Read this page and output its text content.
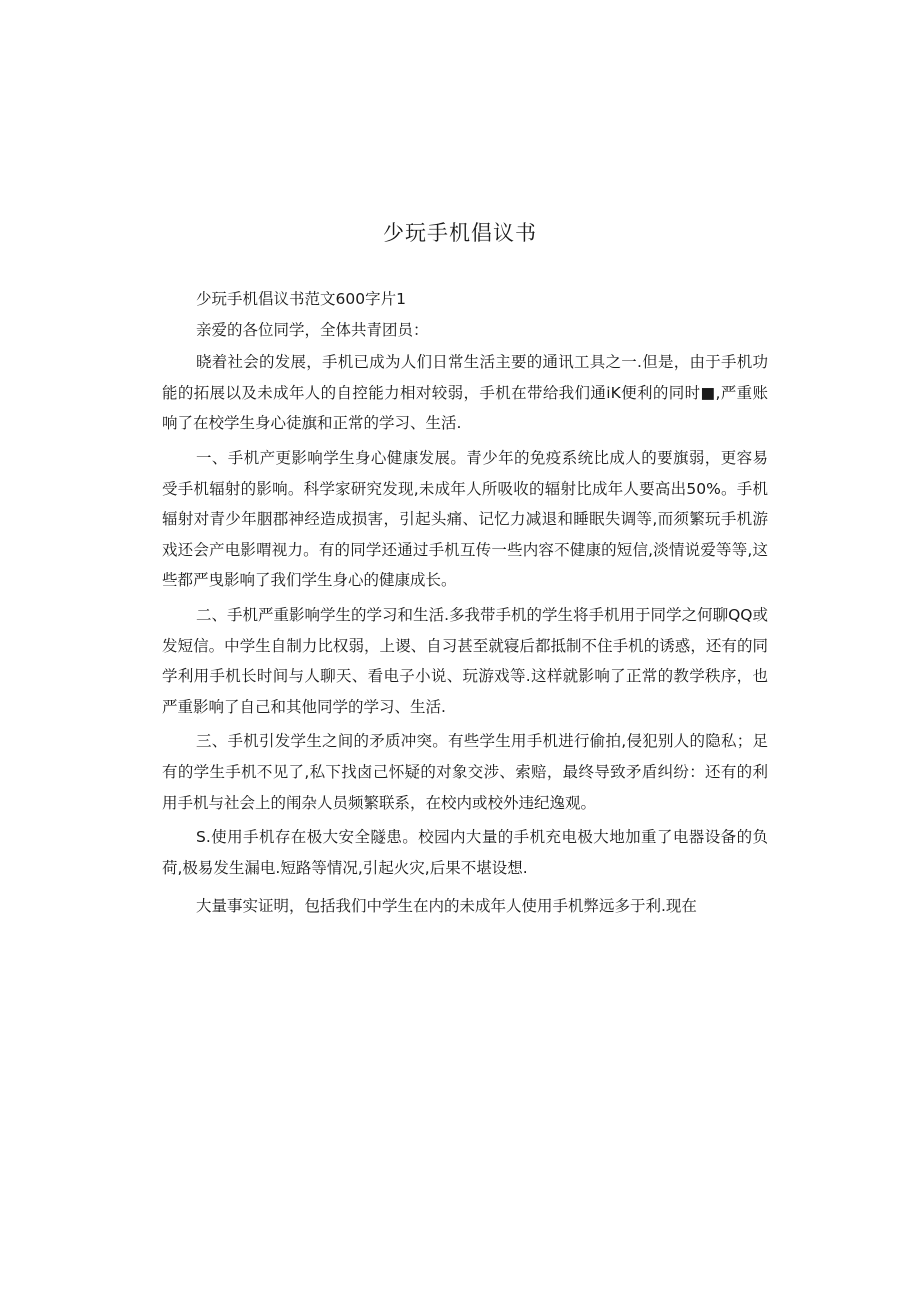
少玩手机倡议书

少玩手机倡议书范文600字片1

亲爱的各位同学，全体共青团员：

晓着社会的发展，手机已成为人们日常生活主要的通讯工具之一.但是，由于手机功能的拓展以及未成年人的自控能力相对较弱，手机在带给我们通iK便利的同时■,严重账响了在校学生身心徒旗和正常的学习、生活.

一、手机产更影响学生身心健康发展。青少年的免疫系统比成人的要旗弱，更容易受手机辐射的影响。科学家研究发现,未成年人所吸收的辐射比成年人要高出50%。手机辐射对青少年胭郡神经造成损害，引起头痛、记忆力减退和睡眠失调等,而须繁玩手机游戏还会产电影喟视力。有的同学还通过手机互传一些内容不健康的短信,淡情说爱等等,这些都严曳影响了我们学生身心的健康成长。

二、手机严重影响学生的学习和生活.多我带手机的学生将手机用于同学之何聊QQ或发短信。中学生自制力比权弱，上谡、自习甚至就寝后都抵制不住手机的诱惑，还有的同学利用手机长时间与人聊天、看电子小说、玩游戏等.这样就影响了正常的教学秩序，也严重影响了自己和其他同学的学习、生活.

三、手机引发学生之间的矛质冲突。有些学生用手机进行偷拍,侵犯别人的隐私；足有的学生手机不见了,私下找卤己怀疑的对象交涉、索赔，最终导致矛盾纠纷：还有的利用手机与社会上的闱杂人员频繁联系，在校内或校外违纪逸观。

S.使用手机存在极大安全隧患。校园内大量的手机充电极大地加重了电器设备的负荷,极易发生漏电.短路等情况,引起火灾,后果不堪设想.

大量事实证明，包括我们中学生在内的未成年人使用手机弊远多于利.现在
